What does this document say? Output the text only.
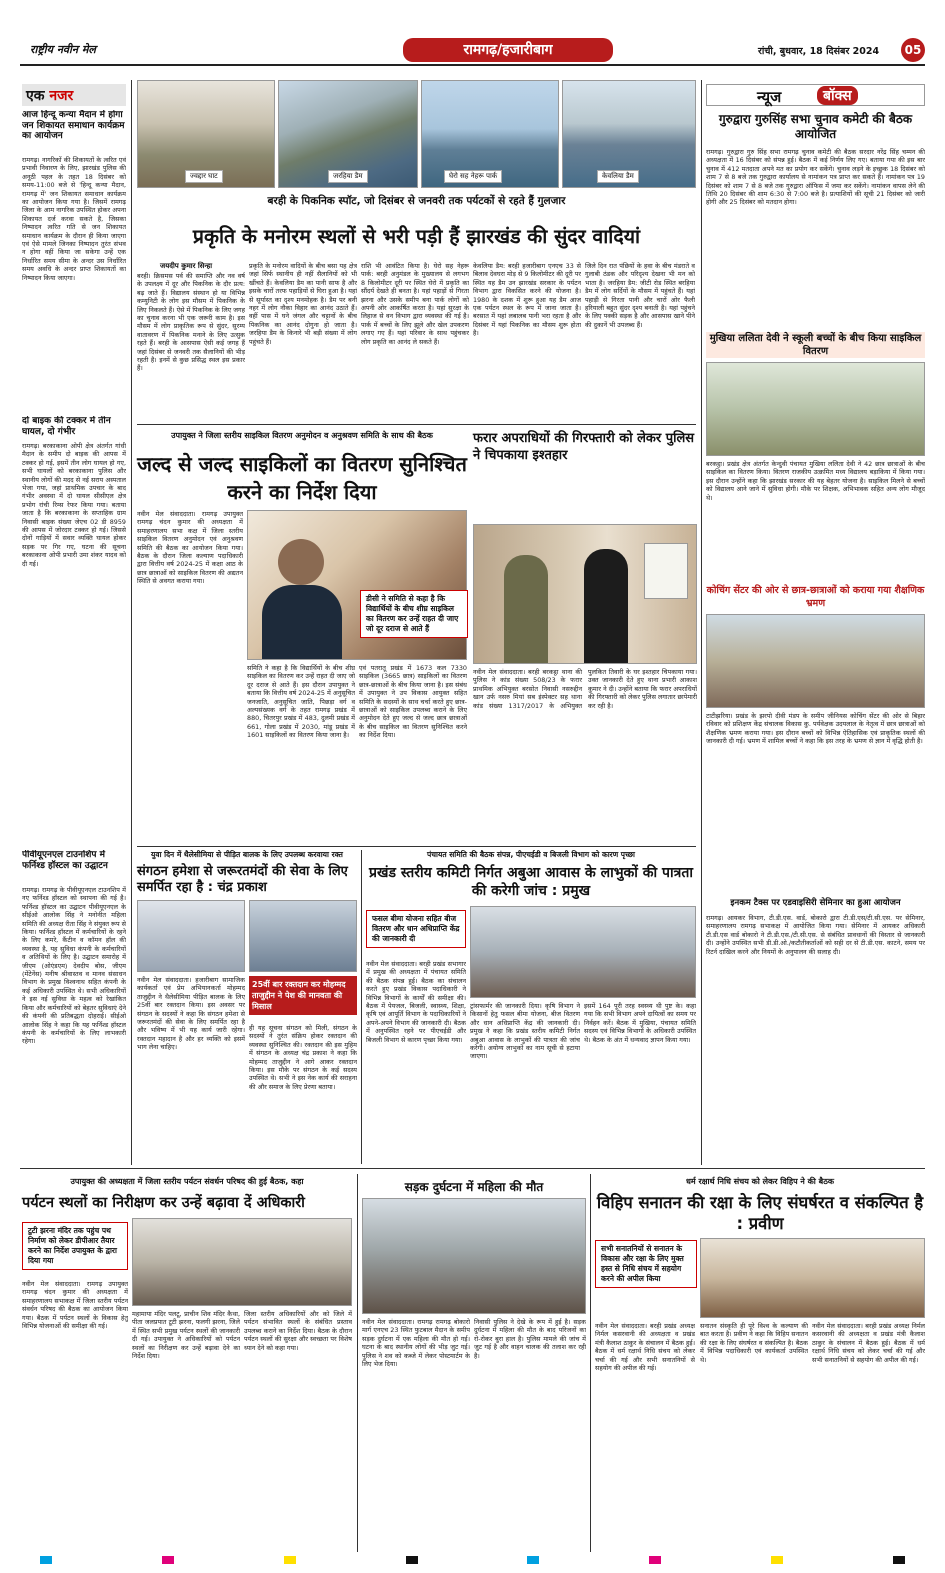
राष्ट्रीय नवीन मेल	रामगढ़/हजारीबाग	रांची, बुधवार, 18 दिसंबर 2024	05
एक नजर
आज हिन्दू कन्या मैदान में होगा जन शिकायत समाधान कार्यक्रम का आयोजन
रामगढ़। नागरिकों की शिकायतों के त्वरित एवं प्रभावी निवारण के लिए, झारखंड पुलिस की अनूठी पहल के तहत 18 दिसंबर को समय-11:00 बजे से 'हिन्दू कन्या मैदान, रामगढ़ में' जन शिकायत समाधान कार्यक्रम का आयोजन किया गया है। जिसमें रामगढ़ जिला के आम नागरिक उपस्थित होकर अपना शिकायत दर्ज करवा सकते है, जिसका निष्पादन त्वरित गति से जन शिकायत समाधान कार्यक्रम के दौरान ही किया जाएगा एवं ऐसे मामले जिनका निष्पादन तुरंत संभव न होगा वहीं किया जा सकेगा उन्हें एक निर्धारित समय सीमा के अन्दर उस निर्धारित समय अवधि के अन्दर प्राप्त शिकायतों का निष्पादन किया जाएगा।
दो बाइक की टक्कर में तीन घायल, दो गंभीर
रामगढ़। बरकाकाना ओपी क्षेत्र अंतर्गत गांधी मैदान के समीप दो बाइक की आपस में टक्कर हो गई, इसमें तीन लोग घायल हो गए, सभी घायलों को बरकाकाना पुलिस और स्थानीय लोगों की मदद से नई सराय अस्पताल भेजा गया, जहां प्राथमिक उपचार के बाद गंभीर अवस्था में दो घायल सीसीएल क्षेत्र प्रभोग रांची रिम्स रेफर किया गया। बताया जाता है कि बरकाकाना के सप्ताहिक ग्राम निवासी बाइक संख्या जेएच 02 डी 8959 की आपस में जोरदार टक्कर हो गई। जिससे दोनों गाड़ियों में सवार व्यक्ति घायल होकर सड़क पर गिर गए, घटना की सूचना बरकाकाना ओपी प्रभारी उमा शंकर यादव को दी गई।
पीवीयूएनएल टाउनशिप में फर्निश्ड हॉस्टल का उद्घाटन
रामगढ़। रामगढ़ के पीवीयूएनएल टाउनशिप में नए फर्निश्ड हॉस्टल को स्थापना की गई है। फर्निश्ड हॉस्टल का उद्घाटन पीवीयूएनएल के सीईओ आलोक सिंह ने मनोनीत महिला समिति की अध्यक्ष रीता सिंह ने संयुक्त रूप से किया। फर्निश्ड हॉस्टल में कर्मचारियों के रहने के लिए कमरे, कैंटीन व कॉमन हॉल की व्यवस्था है, यह सुविधा कंपनी के कर्मचारियों व अतिथियों के लिए है। उद्घाटन समारोह में जीएम (ओएंडएम) देवदीप बोस, जीएम (मेंटेनेंस) मनीष श्रीवास्तव व मानव संसाधन विभाग के प्रमुख विश्वनाथ सहित कंपनी के कई अधिकारी उपस्थित थे। सभी अधिकारियों ने इस नई सुविधा के महत्व को रेखांकित किया और कर्मचारियों को बेहतर सुविधाएं देने की कंपनी की प्रतिबद्धता दोहराई। सीईओ आलोक सिंह ने कहा कि यह फर्निश्ड हॉस्टल कंपनी के कर्मचारियों के लिए लाभकारी रहेगा।
ज्वद्दार घाट	जरहिया डैम	घेरो सह नेहरू पार्क	केवलिया डैम
बरही के पिकनिक स्पॉट, जो दिसंबर से जनवरी तक पर्यटकों से रहते हैं गुलजार
प्रकृति के मनोरम स्थलों से भरी पड़ी हैं झारखंड की सुंदर वादियां
जयदीप कुमार सिन्हा
बरही। क्रिसमस पर्व की समाप्ति और नव वर्ष के उपलक्ष्य में दूर और पिकनिक के दौर प्रत्य: बढ़ जाते हैं। विद्यालय संस्थान हो या विभिन्न कम्युनिटी के लोग इस मौसम में पिकनिक के लिए निकलते हैं। ऐसे में पिकनिक के लिए जगह का चुनाव करना भी एक जरूरी काम है। इस मौसम में लोग प्राकृतिक रूप से सुंदर, सुरम्य वातावरण में पिकनिक मनाने के लिए उत्सुक रहते हैं। बरही के आसपास ऐसी कई जगह हैं जहां दिसंबर से जनवरी तक सैलानियों की भीड़ रहती है। इनमें से कुछ प्रसिद्ध स्थल इस प्रकार हैं।
प्रकृति के मनोरम वादियों के बीच बसा यह क्षेत्र जहां सिर्फ स्थानीय ही नहीं सैलानियों को भी खींचते हैं। केवलिया डैम का पानी साफ है और इसके चारों तरफ पहाड़ियों से घिरा हुआ है। यहां से सूर्यास्त का दृश्य मनमोहक है। डैम पर बनी नहर में लोग नौका विहार का आनंद उठाते हैं। वहीं पास में घने जंगल और चट्टानों के बीच पिकनिक का आनंद दोगुना हो जाता है। जरहिया डैम के किनारे भी बड़ी संख्या में लोग पहुंचते हैं।
राशि भी आवंटित किया है। घेरो सह नेहरू पार्क: बरही अनुमंडल के मुख्यालय से लगभग 8 किलोमीटर दूरी पर स्थित घेरो में प्रकृति का सौंदर्य देखते ही बनता है। यहां पहाड़ों से गिरता झरना और उसके समीप बना पार्क लोगों को अपनी ओर आकर्षित करता है। यहां सुरक्षा के लिहाज से वन विभाग द्वारा व्यवस्था की गई है। पार्क में बच्चों के लिए झूले और खेल उपकरण लगाए गए हैं। यहां परिवार के साथ पहुंचकर लोग प्रकृति का आनंद ले सकते हैं।
केवलिया डैम: बरही हजारीबाग एनएच 33 से बिलाव देवघरा मोड़ से 9 किलोमीटर की दूरी पर स्थित यह डैम उन झारखंड सरकार के पर्यटन विभाग द्वारा विकसित करने की योजना है। 1980 के दशक में शुरू हुआ यह डैम आज एक पर्यटन स्थल के रूप में जाना जाता है। बरसात में यहां लबालब पानी भरा रहता है और दिसंबर में यहां पिकनिक का मौसम शुरू होता है।
जिले दिन रात पंछियों के हवा के बीच मंडराते व गुलाबी ठंडक और परिदृश्य देखना भी मन को भाता है। जरहिया डैम: जीटी रोड स्थित बरहिया डैम में लोग सर्दियों के मौसम में पहुंचते हैं। यहां पहाड़ी से गिरता पानी और चारों ओर फैली हरियाली बहुत सुंदर दृश्य बनाती है। यहां पहुंचने के लिए पक्की सड़क है और आसपास खाने पीने की दुकानें भी उपलब्ध हैं।
उपायुक्त ने जिला स्तरीय साइकिल वितरण अनुमोदन व अनुश्रवण समिति के साथ की बैठक
जल्द से जल्द साइकिलों का वितरण सुनिश्चित करने का निर्देश दिया
डीसी ने समिति से कहा है कि विद्यार्थियों के बीच शीघ्र साइकिल का वितरण कर उन्हें राहत दी जाए जो दूर दराज से आते हैं
नवीन मेल संवाददाता। रामगढ़ उपायुक्त रामगढ़ चंदन कुमार की अध्यक्षता में समाहरणालय सभा कक्ष में जिला स्तरीय साइकिल वितरण अनुमोदन एवं अनुश्रवण समिति की बैठक का आयोजन किया गया। बैठक के दौरान जिला कल्याण पदाधिकारी द्वारा वित्तीय वर्ष 2024-25 में कक्षा आठ के छात्र छात्राओं को साइकिल वितरण की अद्यतन स्थिति से अवगत कराया गया।
समिति ने कहा है कि विद्यार्थियों के बीच शीघ्र साइकिल का वितरण कर उन्हें राहत दी जाए जो दूर दराज से आते हैं। इस दौरान उपायुक्त ने बताया कि वित्तीय वर्ष 2024-25 में अनुसूचित जनजाति, अनुसूचित जाति, पिछड़ा वर्ग व अल्पसंख्यक वर्ग के तहत रामगढ़ प्रखंड में 880, चितरपुर प्रखंड में 483, दुलमी प्रखंड में 661, गोला प्रखंड में 2030, मांडू प्रखंड में 1601 साइकिलों का वितरण किया जाना है।
एवं पतरातू प्रखंड में 1673 कल 7330 साइकिल (3665 छात्र) साइकिलों का वितरण छात्र-छात्राओं के बीच किया जाना है। इस संबंध में उपायुक्त ने उप विकास आयुक्त सहित समिति के सदस्यों के साथ चर्चा करते हुए छात्र-छात्राओं को साइकिल उपलब्ध कराने के लिए अनुमोदन देते हुए जल्द से जल्द छात्र छात्राओं के बीच साइकिल का वितरण सुनिश्चित करने का निर्देश दिया।
फरार अपराधियों की गिरफ्तारी को लेकर पुलिस ने चिपकाया इश्तहार
नवीन मेल संवाददाता। बरही बरकट्ठा थाना की पुलिस ने कांड संख्या 508/23 के फरार प्राथमिक अभियुक्त बरसोत निवासी नसरुद्दीन खान उर्फ नसरु मियां सब इंस्पेक्टर सह थाना कांड संख्या 1317/2017 के अभियुक्त पुलकित तिवारी के घर इश्तहार चिपकाया गया। उक्त जानकारी देते हुए थाना प्रभारी आकाश कुमार ने दी। उन्होंने बताया कि फरार अपराधियों की गिरफ्तारी को लेकर पुलिस लगातार छापेमारी कर रही है।
युवा दिन में थैलेसीमिया से पीड़ित बालक के लिए उपलब्ध करवाया रक्त
संगठन हमेशा से जरूरतमंदों की सेवा के लिए समर्पित रहा है : चंद्र प्रकाश
25वीं बार रक्तदान कर मोहम्मद ताजुद्दीन ने पेश की मानवता की मिसाल
नवीन मेल संवाददाता। हजारीबाग सामाजिक कार्यकर्ता एवं प्रेम अभियानकर्ता मोहम्मद ताजुद्दीन ने थैलेसीमिया पीड़ित बालक के लिए 25वीं बार रक्तदान किया। इस अवसर पर संगठन के सदस्यों ने कहा कि संगठन हमेशा से जरूरतमंदों की सेवा के लिए समर्पित रहा है और भविष्य में भी यह कार्य जारी रहेगा। रक्तदान महादान है और हर व्यक्ति को इसमें भाग लेना चाहिए।
ही यह सूचना संगठन को मिली, संगठन के सदस्यों ने तुरंत संक्रिय होकर रक्तदान की व्यवस्था सुनिश्चित की। रक्तदान की इस मुहिम में संगठन के अध्यक्ष चंद्र प्रकाश ने कहा कि मोहम्मद ताजुद्दीन ने आगे आकर रक्तदान किया। इस मौके पर संगठन के कई सदस्य उपस्थित थे। सभी ने इस नेक कार्य की सराहना की और समाज के लिए प्रेरणा बताया।
पंचायत समिति की बैठक संपन्न, पीएचईडी व बिजली विभाग को कारण पृच्छा
प्रखंड स्तरीय कमिटी निर्गत अबुआ आवास के लाभुकों की पात्रता की करेगी जांच : प्रमुख
फसल बीमा योजना सहित बीज वितरण और धान अधिप्राप्ति केंद्र की जानकारी दी
नवीन मेल संवाददाता। बरही प्रखंड सभागार में प्रमुख की अध्यक्षता में पंचायत समिति की बैठक संपन्न हुई। बैठक का संचालन करते हुए प्रखंड विकास पदाधिकारी ने विभिन्न विभागों के कार्यों की समीक्षा की। बैठक में पेयजल, बिजली, स्वास्थ्य, शिक्षा, कृषि एवं आपूर्ति विभाग के पदाधिकारियों ने अपने-अपने विभाग की जानकारी दी। बैठक में अनुपस्थित रहने पर पीएचईडी और बिजली विभाग से कारण पृच्छा किया गया।
ट्रांसफार्मर की जानकारी दिया। कृषि विभाग ने किसानों हेतु फसल बीमा योजना, बीज वितरण और धान अधिप्राप्ति केंद्र की जानकारी दी। प्रमुख ने कहा कि प्रखंड स्तरीय कमिटी निर्गत अबुआ आवास के लाभुकों की पात्रता की जांच करेगी। अयोग्य लाभुकों का नाम सूची से हटाया जाएगा।
इसमें 164 पूरी तरह स्वस्थ्य थी पुष्ट के। कहा गया कि सभी विभाग अपने दायित्वों का समय पर निर्वहन करें। बैठक में मुखिया, पंचायत समिति सदस्य एवं विभिन्न विभागों के अधिकारी उपस्थित थे। बैठक के अंत में धन्यवाद ज्ञापन किया गया।
न्यूज	बॉक्स
गुरुद्वारा गुरुसिंह सभा चुनाव कमेटी की बैठक आयोजित
रामगढ़। गुरुद्वारा गुरु सिंह सभा रामगढ़ चुनाव कमेटी की बैठक सरदार नरेंद्र सिंह चम्मन की अध्यक्षता में 16 दिसंबर को संपन्न हुई। बैठक में कई निर्णय लिए गए। बताया गया की इस बार चुनाव में 412 मतदाता अपने मत का प्रयोग कर सकेंगे। चुनाव लड़ने के इच्छुक 18 दिसंबर को शाम 7 से 8 बजे तक गुरुद्वारा कार्यालय से नामांकन पत्र प्राप्त कर सकते हैं। नामांकन पत्र 19 दिसंबर को शाम 7 से 8 बजे तक गुरुद्वारा ऑफिस में जमा कर सकेंगे। नामांकन वापस लेने की तिथि 20 दिसंबर की शाम 6:30 से 7:00 बजे है। प्रत्याशियों की सूची 21 दिसंबर को जारी होगी और 25 दिसंबर को मतदान होगा।
मुखिया ललिता देवी ने स्कूली बच्चों के बीच किया साइकिल वितरण
बरकट्ठा। प्रखंड क्षेत्र अंतर्गत केन्दुवी पंचायत मुखिया ललिता देवी ने 42 छात्र छात्राओं के बीच साइकिल का वितरण किया। वितरण राजकीय उत्क्रमित मध्य विद्यालय बड़ाकिया में किया गया। इस दौरान उन्होंने कहा कि झारखंड सरकार की यह बेहतर योजना है। साइकिल मिलने से बच्चों को विद्यालय आने जाने में सुविधा होगी। मौके पर शिक्षक, अभिभावक सहित अन्य लोग मौजूद थे।
कोचिंग सेंटर की ओर से छात्र-छात्राओं को कराया गया शैक्षणिक भ्रमण
टाटीझरिया। प्रखंड के झरपो दीवी मंडप के समीप जीनियस कोचिंग सेंटर की ओर से बिहार रविवार को प्रशिक्षण केंद्र संचालक विकास कु. पर्यवेक्षक उदयलाल के नेतृत्व में छात्र छात्राओं को शैक्षणिक भ्रमण कराया गया। इस दौरान बच्चों को विभिन्न ऐतिहासिक एवं प्राकृतिक स्थलों की जानकारी दी गई। भ्रमण में शामिल बच्चों ने कहा कि इस तरह के भ्रमण से ज्ञान में वृद्धि होती है।
इनकम टैक्स पर एडवाइसिरी सेमिनार का हुआ आयोजन
रामगढ़। आयकर विभाग, टी.डी.एस. वार्ड, बोकारो द्वारा टी.डी.एस/टी.सी.एस. पर सेमिनार, समाहरणालय रामगढ़ सभाकक्ष में आयोजित किया गया। सेमिनार में आयकर अधिकारी टी.डी.एस वार्ड बोकारो ने टी.डी.एस./टी.सी.एस. से संबंधित प्रावधानों की विस्तार से जानकारी दी। उन्होंने उपस्थित सभी डी.डी.ओ./कटौतीकर्ताओं को सही दर से टी.डी.एस. काटने, समय पर रिटर्न दाखिल करने और नियमों के अनुपालन की सलाह दी।
उपायुक्त की अध्यक्षता में जिला स्तरीय पर्यटन संवर्धन परिषद की हुई बैठक, कहा
पर्यटन स्थलों का निरीक्षण कर उन्हें बढ़ावा दें अधिकारी
टुटी झरना मंदिर तक पहुंच पथ निर्माण को लेकर डीपीआर तैयार करने का निर्देश उपायुक्त के द्वारा दिया गया
नवीन मेल संवाददाता। रामगढ़ उपायुक्त रामगढ़ चंदन कुमार की अध्यक्षता में समाहरणालय सभाकक्ष में जिला स्तरीय पर्यटन संवर्धन परिषद की बैठक का आयोजन किया गया। बैठक में पर्यटन स्थलों के विकास हेतु विभिन्न योजनाओं की समीक्षा की गई।
महामाया मंदिर पलटू, प्राचीन शिव मंदिर कैथा, पीता जलप्रपात टूटी झरना, फलगी झरना, जिले में स्थित सभी प्रमुख पर्यटन स्थलों की जानकारी दी गई। उपायुक्त ने अधिकारियों को पर्यटन स्थलों का निरीक्षण कर उन्हें बढ़ावा देने का निर्देश दिया।
जिला स्तरीय अधिकारियों और को जिले में पर्यटन संभावित स्थलों के संबंधित प्रस्ताव उपलब्ध कराने का निर्देश दिया। बैठक के दौरान पर्यटन स्थलों की सुरक्षा और स्वच्छता पर विशेष ध्यान देने को कहा गया।
सड़क दुर्घटना में महिला की मौत
नवीन मेल संवाददाता। रामगढ़ रामगढ़ बोकारो मार्ग एनएच 23 स्थित फुटबाल मैदान के समीप सड़क दुर्घटना में एक महिला की मौत हो गई। घटना के बाद स्थानीय लोगों की भीड़ जुट गई। पुलिस ने शव को कब्जे में लेकर पोस्टमार्टम के लिए भेज दिया।
निवासी पुलिस ने देखे के रूप में हुई है। सड़क दुर्घटना में महिला की मौत के बाद परिजनों का रो-रोकर बुरा हाल है। पुलिस मामले की जांच में जुट गई है और वाहन चालक की तलाश कर रही है।
धर्म रक्षार्थ निधि संचय को लेकर विहिप ने की बैठक
विहिप सनातन की रक्षा के लिए संघर्षरत व संकल्पित है : प्रवीण
सभी सनातनियों से सनातन के विकास और रक्षा के लिए मुक्त हस्त से निधि संचय में सहयोग करने की अपील किया
नवीन मेल संवाददाता। बरही प्रखंड अध्यक्ष निर्मल कसरवानी की अध्यक्षता व प्रखंड मंत्री कैलाश ठाकुर के संचालन में बैठक हुई। बैठक में धर्म रक्षार्थ निधि संचय को लेकर चर्चा की गई और सभी सनातनियों से सहयोग की अपील की गई।
सनातन संस्कृति ही पूरे विश्व के कल्याण की बात करता है। प्रवीण ने कहा कि विहिप सनातन की रक्षा के लिए संघर्षरत व संकल्पित है। बैठक में विभिन्न पदाधिकारी एवं कार्यकर्ता उपस्थित थे।
नवीन मेल संवाददाता। बरही प्रखंड अध्यक्ष निर्मल कसरवानी की अध्यक्षता व प्रखंड मंत्री कैलाश ठाकुर के संचालन में बैठक हुई। बैठक में धर्म रक्षार्थ निधि संचय को लेकर चर्चा की गई और सभी सनातनियों से सहयोग की अपील की गई।
